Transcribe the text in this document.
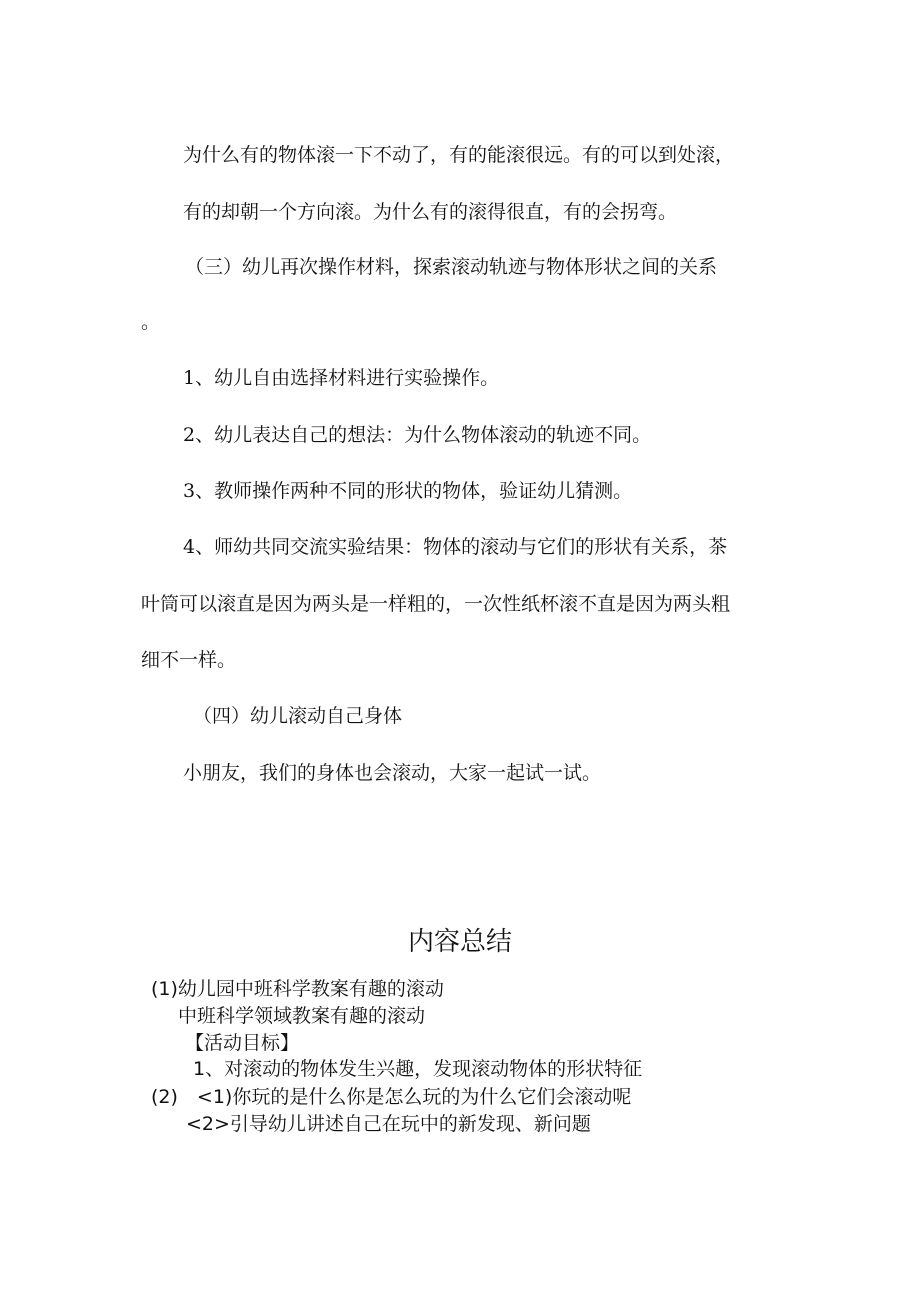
为什么有的物体滚一下不动了，有的能滚很远。有的可以到处滚，
有的却朝一个方向滚。为什么有的滚得很直，有的会拐弯。
（三）幼儿再次操作材料，探索滚动轨迹与物体形状之间的关系
。
1、幼儿自由选择材料进行实验操作。
2、幼儿表达自己的想法：为什么物体滚动的轨迹不同。
3、教师操作两种不同的形状的物体，验证幼儿猜测。
4、师幼共同交流实验结果：物体的滚动与它们的形状有关系，茶
叶筒可以滚直是因为两头是一样粗的，一次性纸杯滚不直是因为两头粗
细不一样。
（四）幼儿滚动自己身体
小朋友，我们的身体也会滚动，大家一起试一试。
内容总结
(1)幼儿园中班科学教案有趣的滚动
中班科学领域教案有趣的滚动
【活动目标】
1、对滚动的物体发生兴趣，发现滚动物体的形状特征
(2)　<1)你玩的是什么你是怎么玩的为什么它们会滚动呢
<2>引导幼儿讲述自己在玩中的新发现、新问题
